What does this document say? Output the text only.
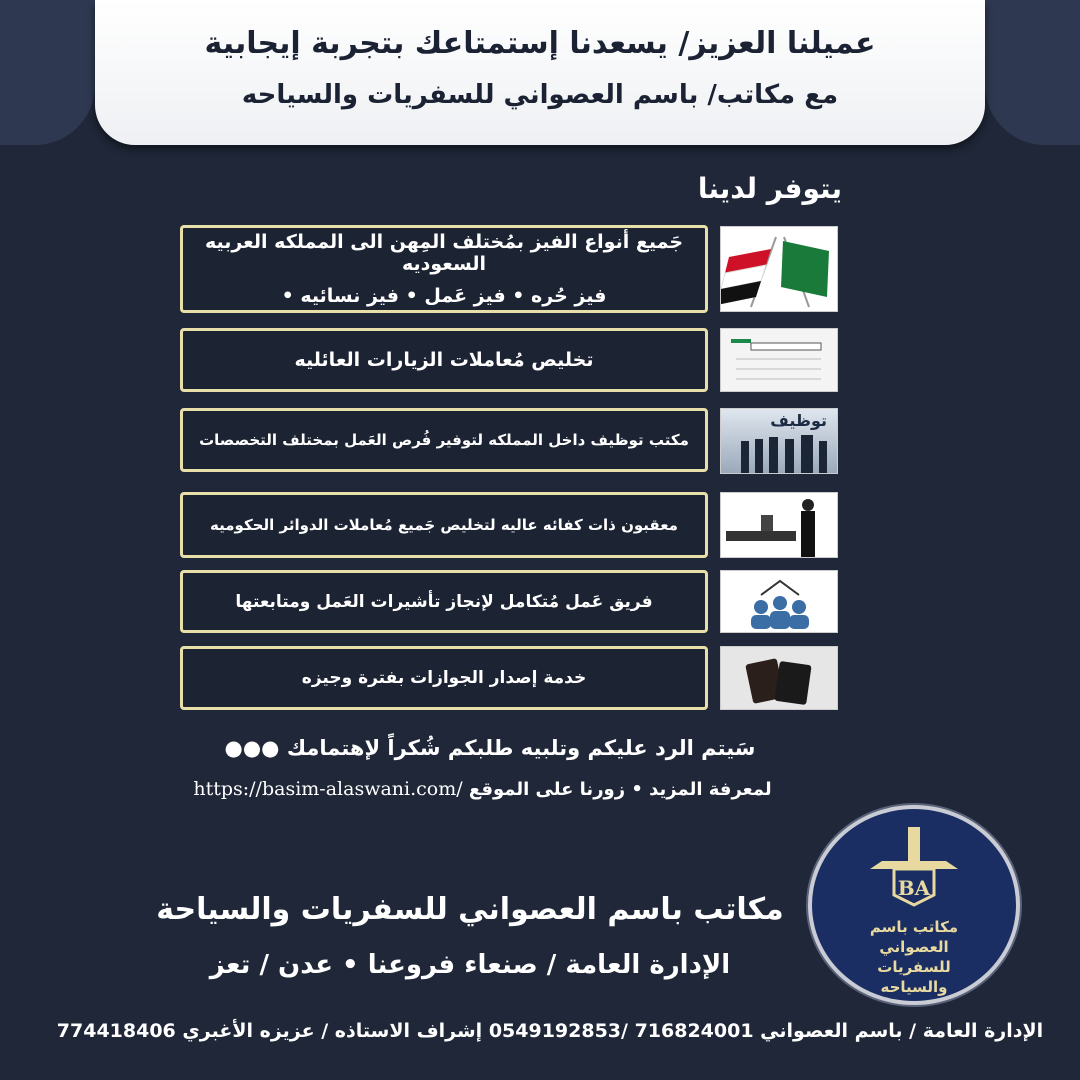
عميلنا العزيز/ يسعدنا إستمتاعك بتجربة إيجابية
مع مكاتب/ باسم العصواني للسفريات والسياحه
يتوفر لدينا
جَميع أنواع الفيز بمُختلف المِهن الى المملكه العربيه السعوديه
فيز حُره • فيز عَمل • فيز نسائيه •
تخليص مُعاملات الزيارات العائليه
مكتب توظيف داخل المملكه لتوفير فُرص العَمل بمختلف التخصصات
توظيف
معقبون ذات كفائه عاليه لتخليص جَميع مُعاملات الدوائر الحكوميه
فريق عَمل مُتكامل لإنجاز تأشيرات العَمل ومتابعتها
خدمة إصدار الجوازات بفترة وجيزه
سَيتم الرد عليكم وتلبيه طلبكم شُكراً لإهتمامك ●●●
لمعرفة المزيد • زورنا على الموقع https://basim-alaswani.com/
مكاتب باسم العصواني للسفريات والسياحة
الإدارة العامة / صنعاء فروعنا • عدن / تعز
الإدارة العامة / باسم العصواني 716824001 /0549192853 إشراف الاستاذه / عزيزه الأغبري 774418406
BA
مكاتب باسم العصواني للسفريات والسياحه
